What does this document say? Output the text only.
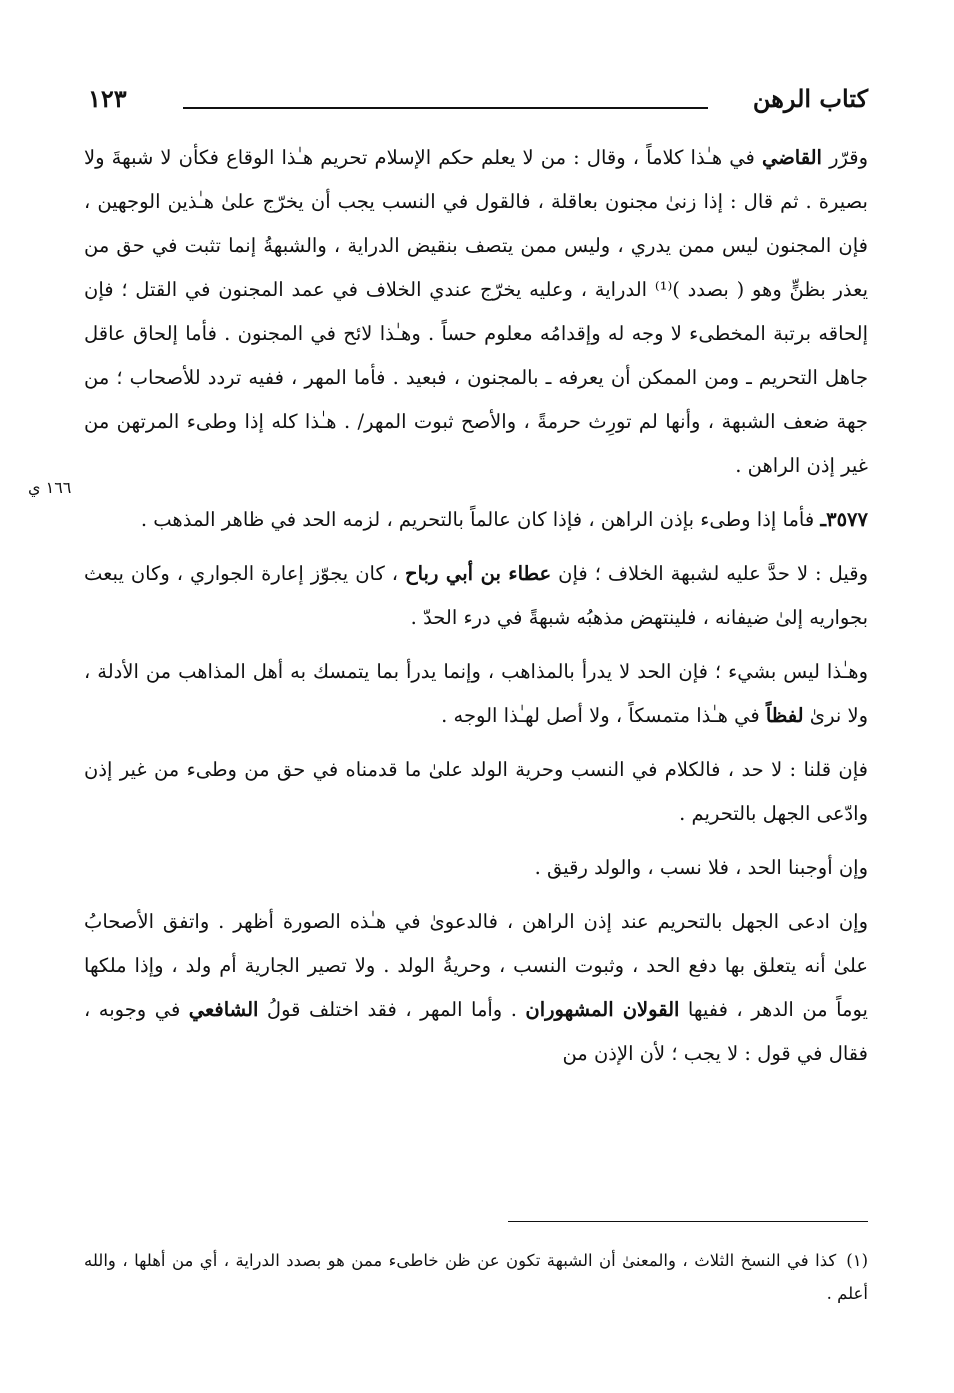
كتاب الرهن
١٢٣
١٦٦ ي

وقرّر القاضي في هـٰذا كلاماً ، وقال : من لا يعلم حكم الإسلام تحريم هـٰذا الوقاع فكأن لا شبهةَ ولا بصيرة . ثم قال : إذا زنىٰ مجنون بعاقلة ، فالقول في النسب يجب أن يخرّج علىٰ هـٰذين الوجهين ، فإن المجنون ليس ممن يدري ، وليس ممن يتصف بنقيض الدراية ، والشبهةُ إنما تثبت في حق من يعذر بظنٍّ وهو ( بصدد )⁽¹⁾ الدراية ، وعليه يخرّج عندي الخلاف في عمد المجنون في القتل ؛ فإن إلحاقه برتبة المخطىء لا وجه له وإقدامُه معلوم حساً . وهـٰذا لائح في المجنون . فأما إلحاق عاقل جاهل التحريم ـ ومن الممكن أن يعرفه ـ بالمجنون ، فبعيد . فأما المهر ، ففيه تردد للأصحاب ؛ من جهة ضعف الشبهة ، وأنها لم تورِث حرمةً ، والأصح ثبوت المهر/ . هـٰذا كله إذا وطىء المرتهن من غير إذن الراهن .

٣٥٧٧ـ فأما إذا وطىء بإذن الراهن ، فإذا كان عالماً بالتحريم ، لزمه الحد في ظاهر المذهب .

وقيل : لا حدَّ عليه لشبهة الخلاف ؛ فإن عطاء بن أبي رباح ، كان يجوّز إعارة الجواري ، وكان يبعث بجواريه إلىٰ ضيفانه ، فلينتهض مذهبُه شبهةً في درء الحدّ .

وهـٰذا ليس بشيء ؛ فإن الحد لا يدرأ بالمذاهب ، وإنما يدرأ بما يتمسك به أهل المذاهب من الأدلة ، ولا نرىٰ لفظاً في هـٰذا متمسكاً ، ولا أصل لهـٰذا الوجه .

فإن قلنا : لا حد ، فالكلام في النسب وحرية الولد علىٰ ما قدمناه في حق من وطىء من غير إذن وادّعى الجهل بالتحريم .

وإن أوجبنا الحد ، فلا نسب ، والولد رقيق .

وإن ادعى الجهل بالتحريم عند إذن الراهن ، فالدعوىٰ في هـٰذه الصورة أظهر . واتفق الأصحابُ علىٰ أنه يتعلق بها دفع الحد ، وثبوت النسب ، وحريةُ الولد . ولا تصير الجارية أم ولد ، وإذا ملكها يوماً من الدهر ، ففيها القولان المشهوران . وأما المهر ، فقد اختلف قولُ الشافعي في وجوبه ، فقال في قول : لا يجب ؛ لأن الإذن من

(١)كذا في النسخ الثلاث ، والمعنىٰ أن الشبهة تكون عن ظن خاطىء ممن هو بصدد الدراية ، أي من أهلها ، والله أعلم .
